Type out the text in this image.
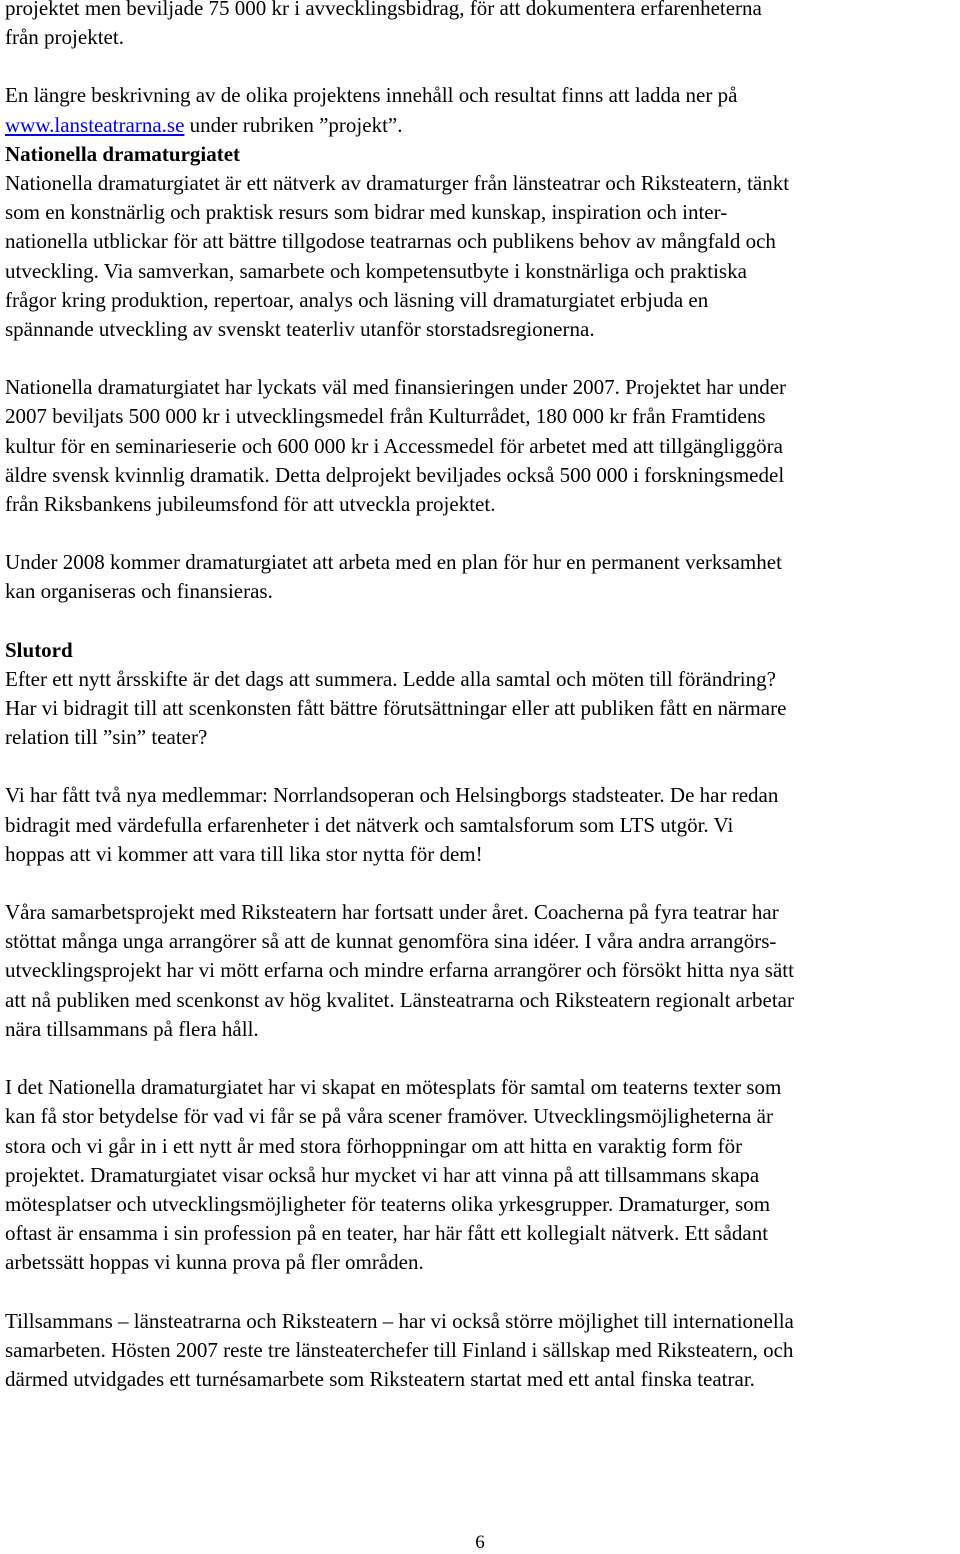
projektet men beviljade 75 000 kr i avvecklingsbidrag, för att dokumentera erfarenheterna
från projektet.

En längre beskrivning av de olika projektens innehåll och resultat finns att ladda ner på
www.lansteatrarna.se under rubriken ”projekt”.

Nationella dramaturgiatet
Nationella dramaturgiatet är ett nätverk av dramaturger från länsteatrar och Riksteatern, tänkt
som en konstnärlig och praktisk resurs som bidrar med kunskap, inspiration och inter-
nationella utblickar för att bättre tillgodose teatrarnas och publikens behov av mångfald och
utveckling. Via samverkan, samarbete och kompetensutbyte i konstnärliga och praktiska
frågor kring produktion, repertoar, analys och läsning vill dramaturgiatet erbjuda en
spännande utveckling av svenskt teaterliv utanför storstadsregionerna.

Nationella dramaturgiatet har lyckats väl med finansieringen under 2007. Projektet har under
2007 beviljats 500 000 kr i utvecklingsmedel från Kulturrådet, 180 000 kr från Framtidens
kultur för en seminarieserie och 600 000 kr i Accessmedel för arbetet med att tillgängliggöra
äldre svensk kvinnlig dramatik. Detta delprojekt beviljades också 500 000 i forskningsmedel
från Riksbankens jubileumsfond för att utveckla projektet.

Under 2008 kommer dramaturgiatet att arbeta med en plan för hur en permanent verksamhet
kan organiseras och finansieras.

Slutord
Efter ett nytt årsskifte är det dags att summera. Ledde alla samtal och möten till förändring?
Har vi bidragit till att scenkonsten fått bättre förutsättningar eller att publiken fått en närmare
relation till ”sin” teater?

Vi har fått två nya medlemmar: Norrlandsoperan och Helsingborgs stadsteater. De har redan
bidragit med värdefulla erfarenheter i det nätverk och samtalsforum som LTS utgör. Vi
hoppas att vi kommer att vara till lika stor nytta för dem!

Våra samarbetsprojekt med Riksteatern har fortsatt under året. Coacherna på fyra teatrar har
stöttat många unga arrangörer så att de kunnat genomföra sina idéer. I våra andra arrangörs-
utvecklingsprojekt har vi mött erfarna och mindre erfarna arrangörer och försökt hitta nya sätt
att nå publiken med scenkonst av hög kvalitet. Länsteatrarna och Riksteatern regionalt arbetar
nära tillsammans på flera håll.

I det Nationella dramaturgiatet har vi skapat en mötesplats för samtal om teaterns texter som
kan få stor betydelse för vad vi får se på våra scener framöver. Utvecklingsmöjligheterna är
stora och vi går in i ett nytt år med stora förhoppningar om att hitta en varaktig form för
projektet. Dramaturgiatet visar också hur mycket vi har att vinna på att tillsammans skapa
mötesplatser och utvecklingsmöjligheter för teaterns olika yrkesgrupper. Dramaturger, som
oftast är ensamma i sin profession på en teater, har här fått ett kollegialt nätverk. Ett sådant
arbetssätt hoppas vi kunna prova på fler områden.

Tillsammans – länsteatrarna och Riksteatern – har vi också större möjlighet till internationella
samarbeten. Hösten 2007 reste tre länsteaterchefer till Finland i sällskap med Riksteatern, och
därmed utvidgades ett turnésamarbete som Riksteatern startat med ett antal finska teatrar.

6
